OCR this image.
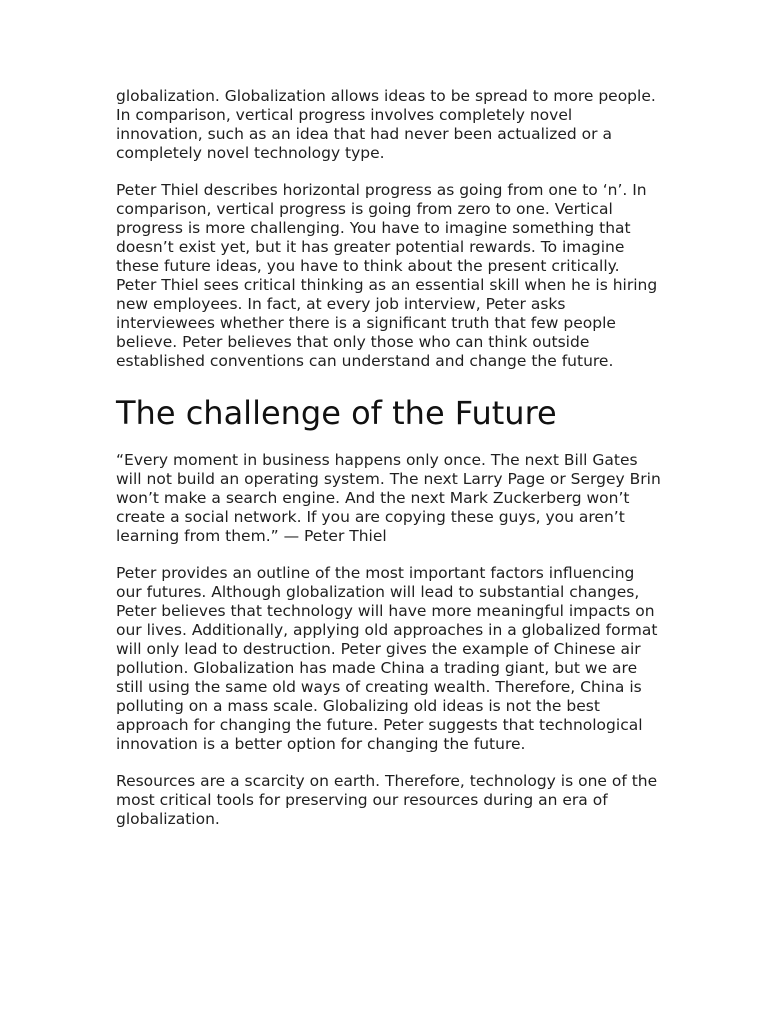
globalization. Globalization allows ideas to be spread to more people. In comparison, vertical progress involves completely novel innovation, such as an idea that had never been actualized or a completely novel technology type.

Peter Thiel describes horizontal progress as going from one to ‘n’. In comparison, vertical progress is going from zero to one. Vertical progress is more challenging. You have to imagine something that doesn’t exist yet, but it has greater potential rewards. To imagine these future ideas, you have to think about the present critically. Peter Thiel sees critical thinking as an essential skill when he is hiring new employees. In fact, at every job interview, Peter asks interviewees whether there is a significant truth that few people believe. Peter believes that only those who can think outside established conventions can understand and change the future.

The challenge of the Future

“Every moment in business happens only once. The next Bill Gates will not build an operating system. The next Larry Page or Sergey Brin won’t make a search engine. And the next Mark Zuckerberg won’t create a social network. If you are copying these guys, you aren’t learning from them.” — Peter Thiel

Peter provides an outline of the most important factors influencing our futures. Although globalization will lead to substantial changes, Peter believes that technology will have more meaningful impacts on our lives. Additionally, applying old approaches in a globalized format will only lead to destruction. Peter gives the example of Chinese air pollution. Globalization has made China a trading giant, but we are still using the same old ways of creating wealth. Therefore, China is polluting on a mass scale. Globalizing old ideas is not the best approach for changing the future. Peter suggests that technological innovation is a better option for changing the future.

Resources are a scarcity on earth. Therefore, technology is one of the most critical tools for preserving our resources during an era of globalization.
